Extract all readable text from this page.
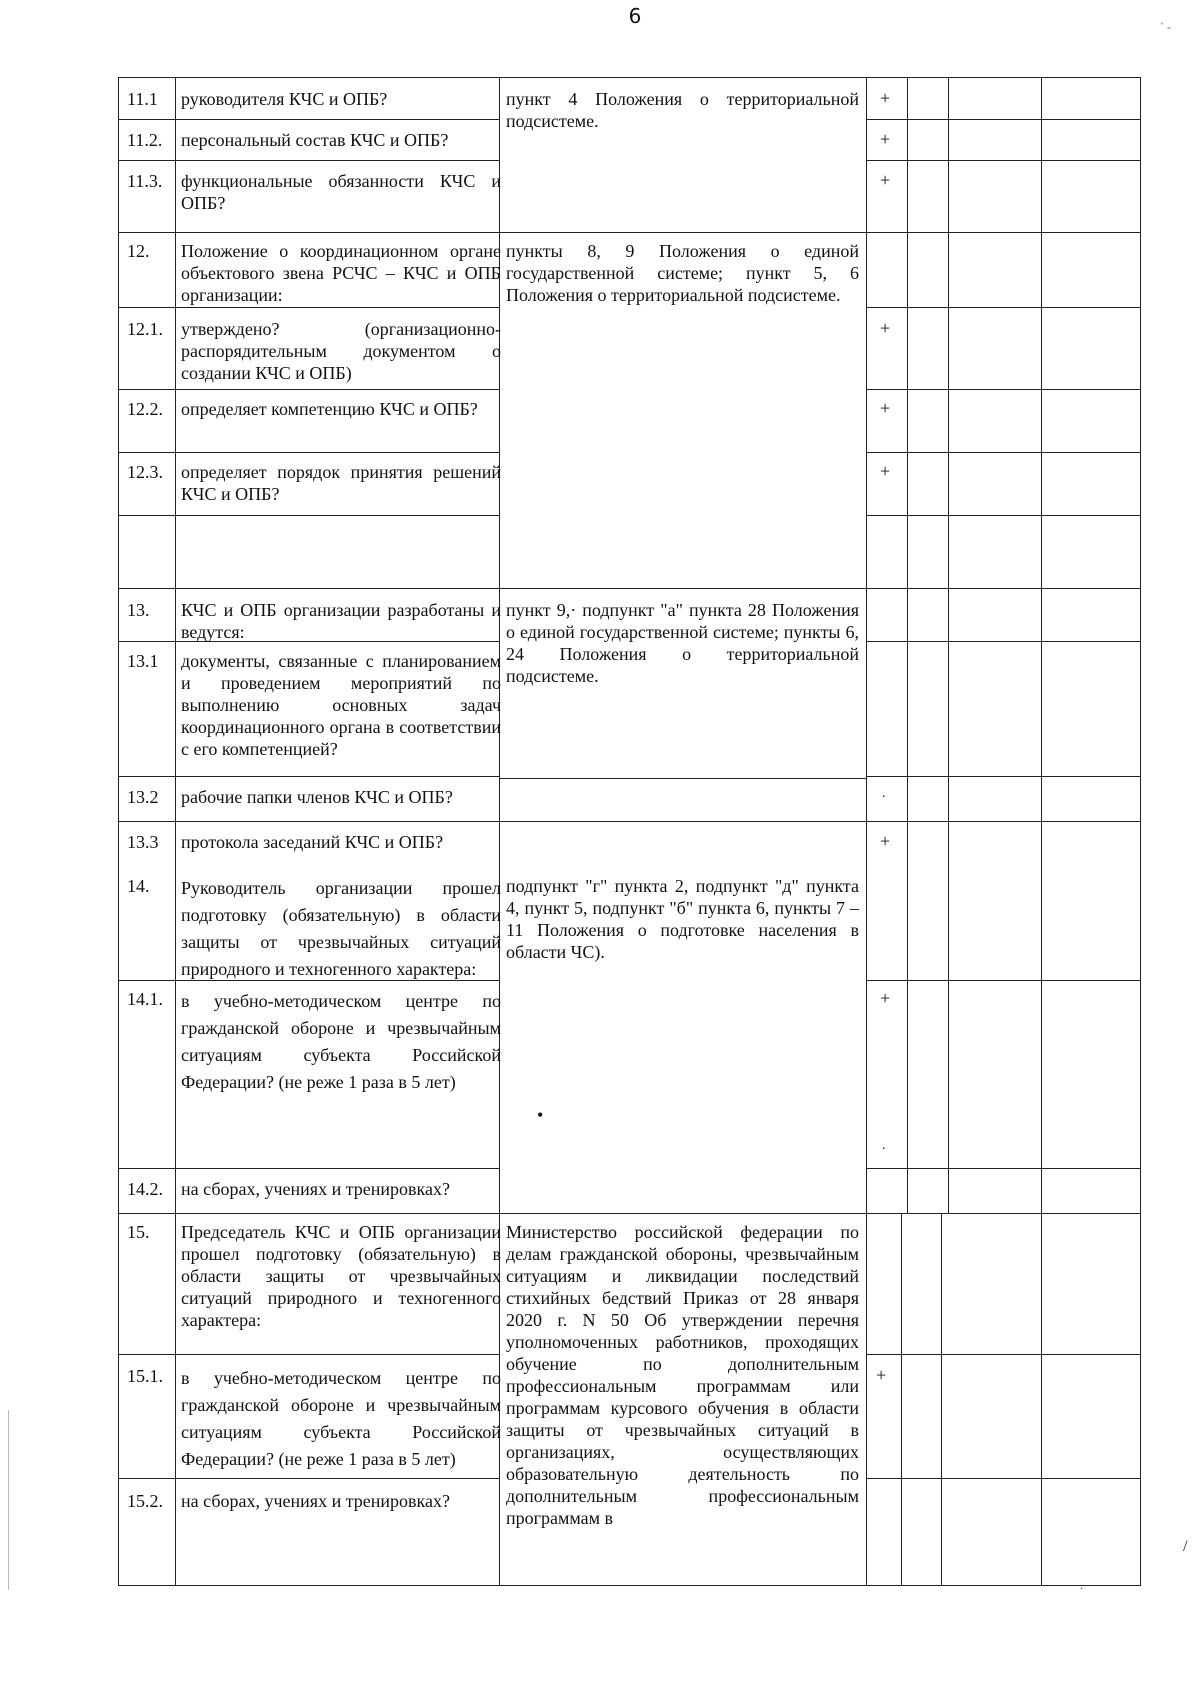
6	` -
11.1
11.2.
11.3.
12.
12.1.
12.2.
12.3.
13.
13.1
13.2
13.3
14.
14.1.
14.2.
15.
15.1.
15.2.
руководителя КЧС и ОПБ?
персональный состав КЧС и ОПБ?
функциональные обязанности КЧС и ОПБ?
Положение о координационном органе объектового звена РСЧС – КЧС и ОПБ организации:
утверждено? (организационно-распорядительным документом о создании КЧС и ОПБ)
определяет компетенцию КЧС и ОПБ?
определяет порядок принятия решений КЧС и ОПБ?
КЧС и ОПБ организации разработаны и ведутся:
документы, связанные с планированием и проведением мероприятий по выполнению основных задач координационного органа в соответствии с его компетенцией?
рабочие папки членов КЧС и ОПБ?
протокола заседаний КЧС и ОПБ?
Руководитель организации прошел подготовку (обязательную) в области защиты от чрезвычайных ситуаций природного и техногенного характера:
в учебно-методическом центре по гражданской обороне и чрезвычайным ситуациям субъекта Российской Федерации? (не реже 1 раза в 5 лет)
на сборах, учениях и тренировках?
Председатель КЧС и ОПБ организации прошел подготовку (обязательную) в области защиты от чрезвычайных ситуаций природного и техногенного характера:
в учебно-методическом центре по гражданской обороне и чрезвычайным ситуациям субъекта Российской Федерации? (не реже 1 раза в 5 лет)
на сборах, учениях и тренировках?
пункт 4 Положения о территориальной подсистеме.
пункты 8, 9 Положения о единой государственной системе; пункт 5, 6 Положения о территориальной подсистеме.
пункт 9,· подпункт "а" пункта 28 Положения о единой государственной системе; пункты 6, 24 Положения о территориальной подсистеме.
подпункт "г" пункта 2, подпункт "д" пункта 4, пункт 5, подпункт "б" пункта 6, пункты 7 – 11 Положения о подготовке населения в области ЧС).
Министерство российской федерации по делам гражданской обороны, чрезвычайным ситуациям и ликвидации последствий стихийных бедствий Приказ от 28 января 2020 г. N 50 Об утверждении перечня уполномоченных работников, проходящих обучение по дополнительным профессиональным программам или программам курсового обучения в области защиты от чрезвычайных ситуаций в организациях, осуществляющих образовательную деятельность по дополнительным профессиональным программам в
•
+
+
+
+
+
+
.
+
+
.
+
/
.
